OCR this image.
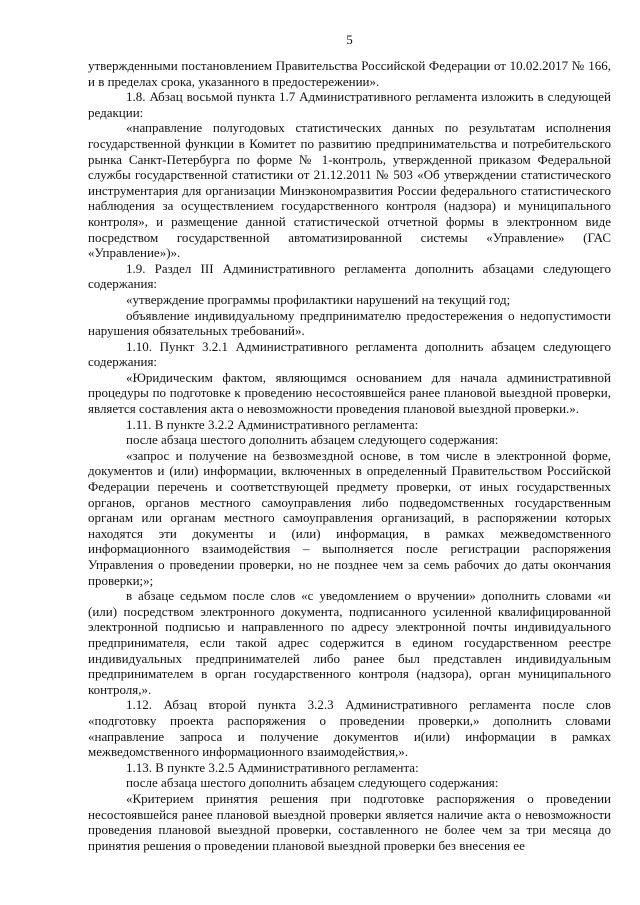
5

утвержденными постановлением Правительства Российской Федерации от 10.02.2017 № 166, и в пределах срока, указанного в предостережении».

1.8. Абзац восьмой пункта 1.7 Административного регламента изложить в следующей редакции:

«направление полугодовых статистических данных по результатам исполнения государственной функции в Комитет по развитию предпринимательства и потребительского рынка Санкт-Петербурга по форме № 1-контроль, утвержденной приказом Федеральной службы государственной статистики от 21.12.2011 № 503 «Об утверждении статистического инструментария для организации Минэкономразвития России федерального статистического наблюдения за осуществлением государственного контроля (надзора) и муниципального контроля», и размещение данной статистической отчетной формы в электронном виде посредством государственной автоматизированной системы «Управление» (ГАС «Управление»)».

1.9. Раздел III Административного регламента дополнить абзацами следующего содержания:

«утверждение программы профилактики нарушений на текущий год;

объявление индивидуальному предпринимателю предостережения о недопустимости нарушения обязательных требований».

1.10. Пункт 3.2.1 Административного регламента дополнить абзацем следующего содержания:

«Юридическим фактом, являющимся основанием для начала административной процедуры по подготовке к проведению несостоявшейся ранее плановой выездной проверки, является составления акта о невозможности проведения плановой выездной проверки.».

1.11. В пункте 3.2.2 Административного регламента:

после абзаца шестого дополнить абзацем следующего содержания:

«запрос и получение на безвозмездной основе, в том числе в электронной форме, документов и (или) информации, включенных в определенный Правительством Российской Федерации перечень и соответствующей предмету проверки, от иных государственных органов, органов местного самоуправления либо подведомственных государственным органам или органам местного самоуправления организаций, в распоряжении которых находятся эти документы и (или) информация, в рамках межведомственного информационного взаимодействия – выполняется после регистрации распоряжения Управления о проведении проверки, но не позднее чем за семь рабочих до даты окончания проверки;»;

в абзаце седьмом после слов «с уведомлением о вручении» дополнить словами «и (или) посредством электронного документа, подписанного усиленной квалифицированной электронной подписью и направленного по адресу электронной почты индивидуального предпринимателя, если такой адрес содержится в едином государственном реестре индивидуальных предпринимателей либо ранее был представлен индивидуальным предпринимателем в орган государственного контроля (надзора), орган муниципального контроля,».

1.12. Абзац второй пункта 3.2.3 Административного регламента после слов «подготовку проекта распоряжения о проведении проверки,» дополнить словами «направление запроса и получение документов и(или) информации в рамках межведомственного информационного взаимодействия,».

1.13. В пункте 3.2.5 Административного регламента:

после абзаца шестого дополнить абзацем следующего содержания:

«Критерием принятия решения при подготовке распоряжения о проведении несостоявшейся ранее плановой выездной проверки является наличие акта о невозможности проведения плановой выездной проверки, составленного не более чем за три месяца до принятия решения о проведении плановой выездной проверки без внесения ее
